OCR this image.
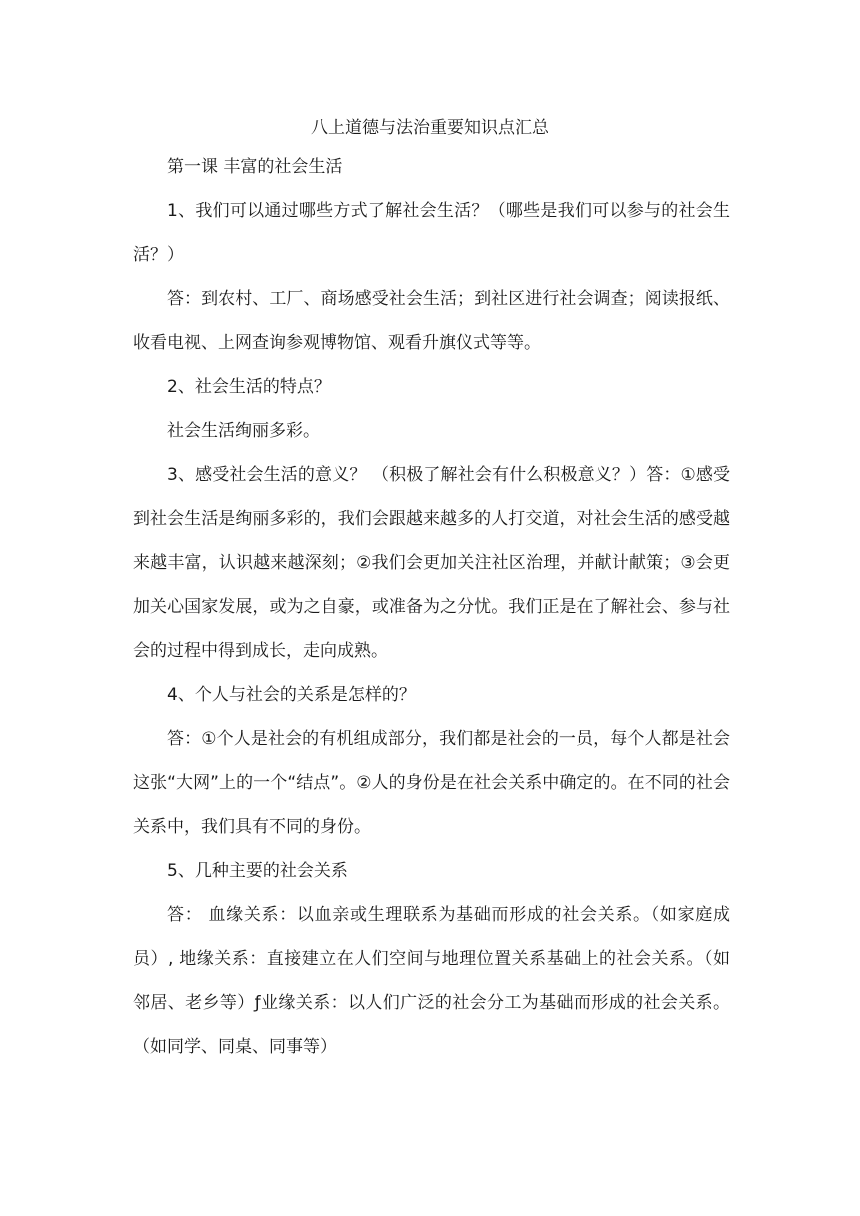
八上道德与法治重要知识点汇总

第一课 丰富的社会生活

1、我们可以通过哪些方式了解社会生活？（哪些是我们可以参与的社会生活？）

答：到农村、工厂、商场感受社会生活；到社区进行社会调查；阅读报纸、收看电视、上网查询参观博物馆、观看升旗仪式等等。

2、社会生活的特点？

社会生活绚丽多彩。

3、感受社会生活的意义？ （积极了解社会有什么积极意义？）答：①感受到社会生活是绚丽多彩的，我们会跟越来越多的人打交道，对社会生活的感受越来越丰富，认识越来越深刻；②我们会更加关注社区治理，并献计献策；③会更加关心国家发展，或为之自豪，或准备为之分忧。我们正是在了解社会、参与社会的过程中得到成长，走向成熟。

4、个人与社会的关系是怎样的？

答：①个人是社会的有机组成部分，我们都是社会的一员，每个人都是社会这张“大网”上的一个“结点”。②人的身份是在社会关系中确定的。在不同的社会关系中，我们具有不同的身份。

5、几种主要的社会关系

答： 血缘关系：以血亲或生理联系为基础而形成的社会关系。（如家庭成员）, 地缘关系：直接建立在人们空间与地理位置关系基础上的社会关系。（如邻居、老乡等）ƒ业缘关系：以人们广泛的社会分工为基础而形成的社会关系。（如同学、同桌、同事等）
